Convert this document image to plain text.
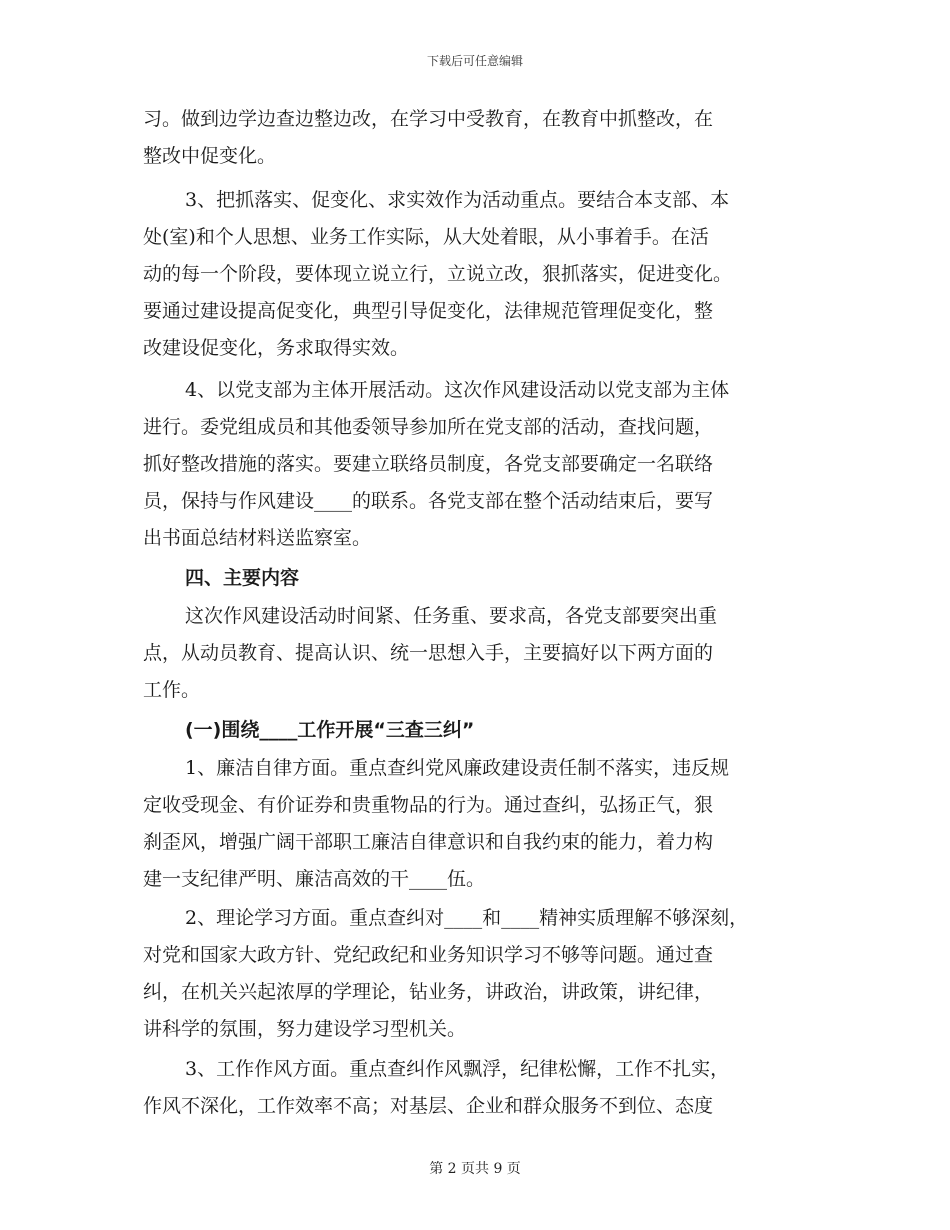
下载后可任意编辑
习。做到边学边查边整边改，在学习中受教育，在教育中抓整改，在
整改中促变化。
3、把抓落实、促变化、求实效作为活动重点。要结合本支部、本
处(室)和个人思想、业务工作实际，从大处着眼，从小事着手。在活
动的每一个阶段，要体现立说立行，立说立改，狠抓落实，促进变化。
要通过建设提高促变化，典型引导促变化，法律规范管理促变化，整
改建设促变化，务求取得实效。
4、以党支部为主体开展活动。这次作风建设活动以党支部为主体
进行。委党组成员和其他委领导参加所在党支部的活动，查找问题，
抓好整改措施的落实。要建立联络员制度，各党支部要确定一名联络
员，保持与作风建设____的联系。各党支部在整个活动结束后，要写
出书面总结材料送监察室。
四、主要内容
这次作风建设活动时间紧、任务重、要求高，各党支部要突出重
点，从动员教育、提高认识、统一思想入手，主要搞好以下两方面的
工作。
(一)围绕____工作开展“三查三纠”
1、廉洁自律方面。重点查纠党风廉政建设责任制不落实，违反规
定收受现金、有价证券和贵重物品的行为。通过查纠，弘扬正气，狠
刹歪风，增强广阔干部职工廉洁自律意识和自我约束的能力，着力构
建一支纪律严明、廉洁高效的干____伍。
2、理论学习方面。重点查纠对____和____精神实质理解不够深刻，
对党和国家大政方针、党纪政纪和业务知识学习不够等问题。通过查
纠，在机关兴起浓厚的学理论，钻业务，讲政治，讲政策，讲纪律，
讲科学的氛围，努力建设学习型机关。
3、工作作风方面。重点查纠作风飘浮，纪律松懈，工作不扎实，
作风不深化，工作效率不高；对基层、企业和群众服务不到位、态度
第 2 页共 9 页
